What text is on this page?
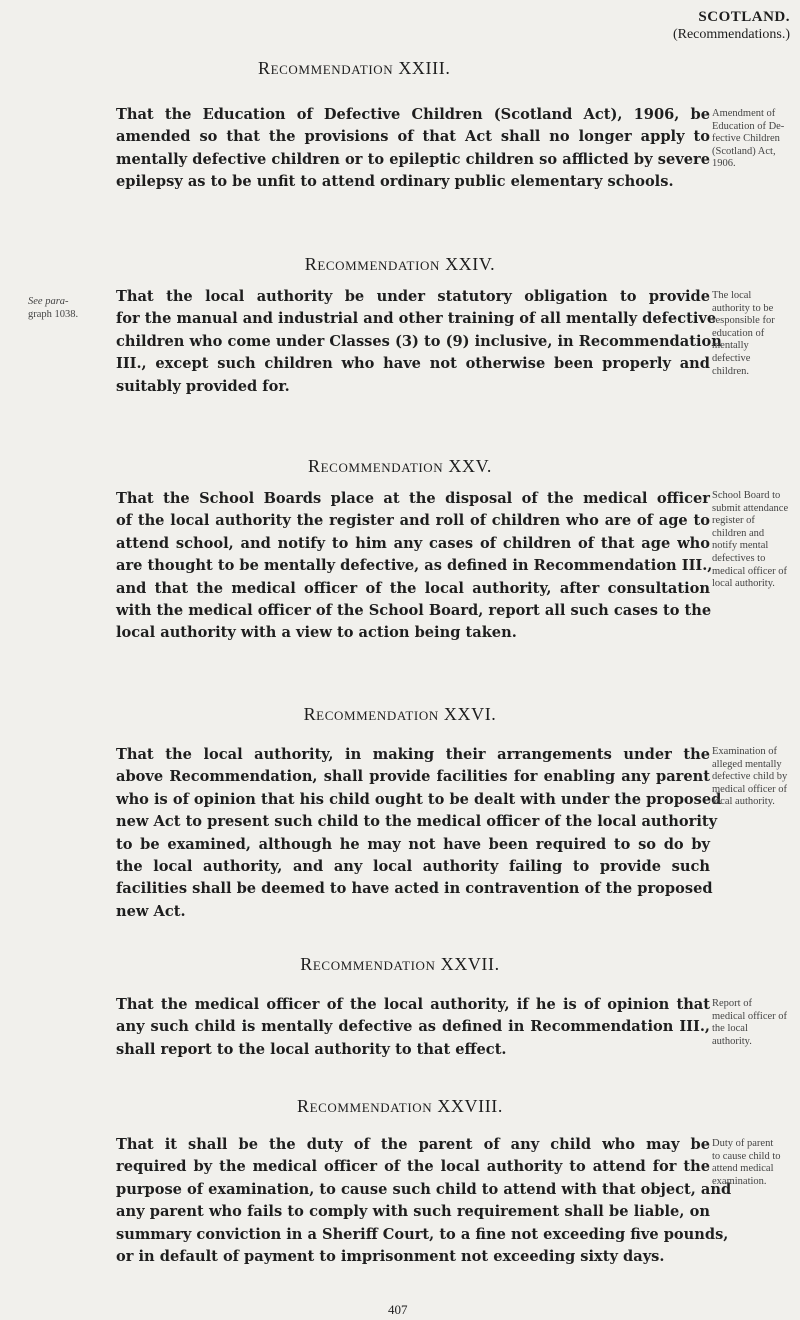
SCOTLAND.
(Recommendations.)
Recommendation XXIII.
That the Education of Defective Children (Scotland Act), 1906, be
amended so that the provisions of that Act shall no longer apply to
mentally defective children or to epileptic children so afflicted by severe
epilepsy as to be unfit to attend ordinary public elementary schools.
Amendment of
Education of De-
fective Children
(Scotland) Act,
1906.
Recommendation XXIV.
See para-
graph 1038.
That the local authority be under statutory obligation to provide
for the manual and industrial and other training of all mentally defective
children who come under Classes (3) to (9) inclusive, in Recommendation
III., except such children who have not otherwise been properly and
suitably provided for.
The local
authority to be
responsible for
education of
mentally
defective
children.
Recommendation XXV.
That the School Boards place at the disposal of the medical officer
of the local authority the register and roll of children who are of age to
attend school, and notify to him any cases of children of that age who
are thought to be mentally defective, as defined in Recommendation III.,
and that the medical officer of the local authority, after consultation
with the medical officer of the School Board, report all such cases to the
local authority with a view to action being taken.
School Board to
submit attendance
register of
children and
notify mental
defectives to
medical officer of
local authority.
Recommendation XXVI.
That the local authority, in making their arrangements under the
above Recommendation, shall provide facilities for enabling any parent
who is of opinion that his child ought to be dealt with under the proposed
new Act to present such child to the medical officer of the local authority
to be examined, although he may not have been required to so do by
the local authority, and any local authority failing to provide such
facilities shall be deemed to have acted in contravention of the proposed
new Act.
Examination of
alleged mentally
defective child by
medical officer of
local authority.
Recommendation XXVII.
That the medical officer of the local authority, if he is of opinion that
any such child is mentally defective as defined in Recommendation III.,
shall report to the local authority to that effect.
Report of
medical officer of
the local
authority.
Recommendation XXVIII.
That it shall be the duty of the parent of any child who may be
required by the medical officer of the local authority to attend for the
purpose of examination, to cause such child to attend with that object, and
any parent who fails to comply with such requirement shall be liable, on
summary conviction in a Sheriff Court, to a fine not exceeding five pounds,
or in default of payment to imprisonment not exceeding sixty days.
Duty of parent
to cause child to
attend medical
examination.
407
